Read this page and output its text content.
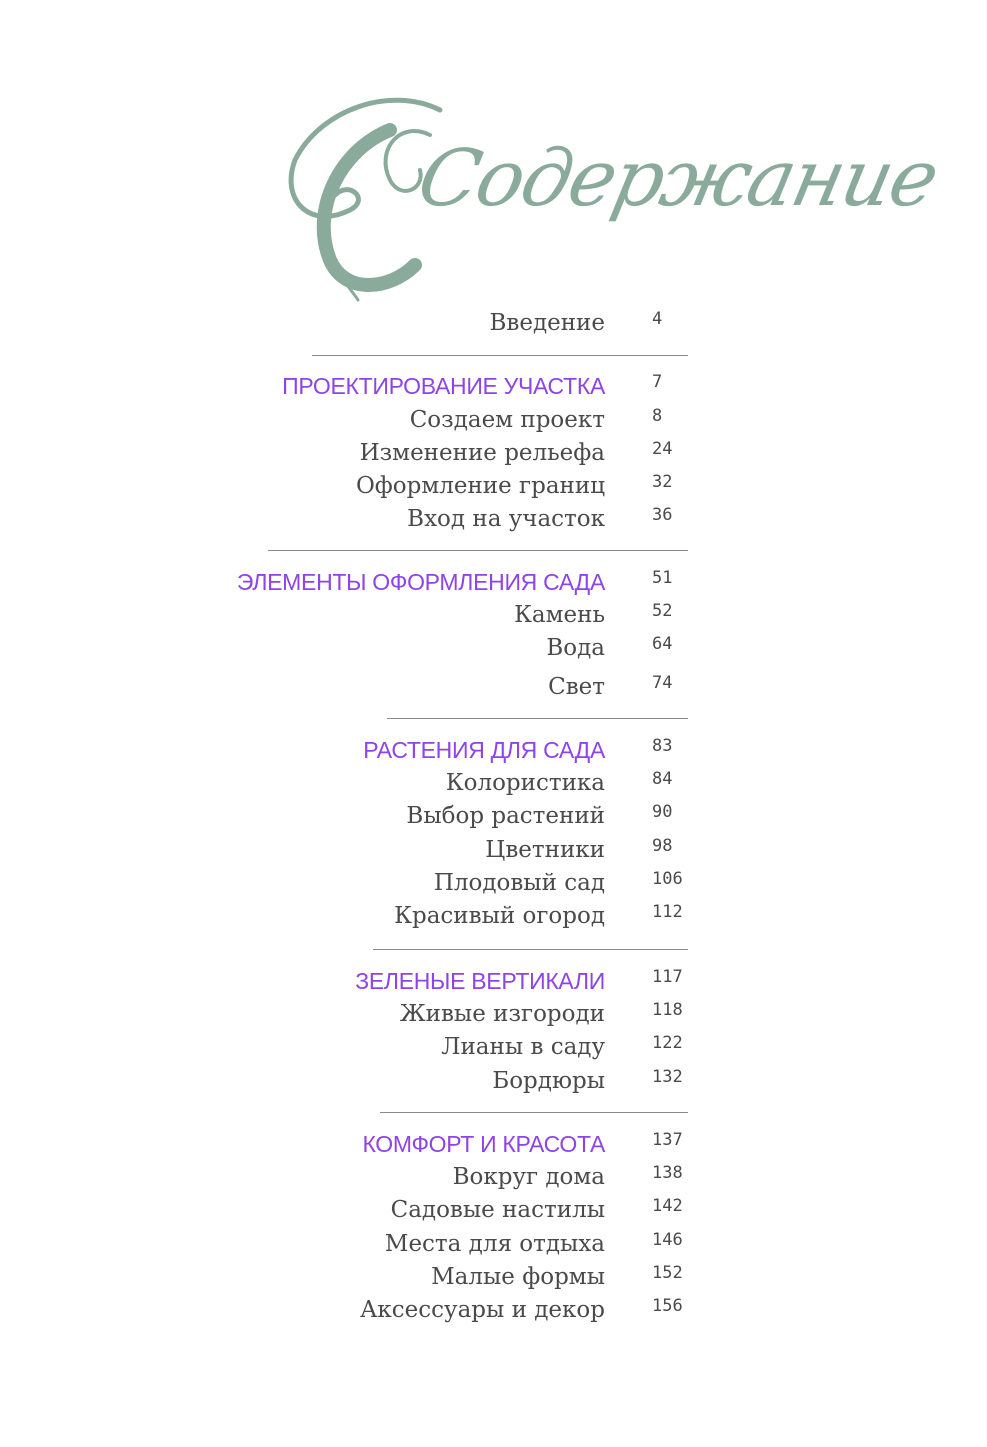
Содержание
Введение	4
ПРОЕКТИРОВАНИЕ УЧАСТКА	7
Создаем проект	8
Изменение рельефа	24
Оформление границ	32
Вход на участок	36
ЭЛЕМЕНТЫ ОФОРМЛЕНИЯ САДА	51
Камень	52
Вода	64
Свет	74
РАСТЕНИЯ ДЛЯ САДА	83
Колористика	84
Выбор растений	90
Цветники	98
Плодовый сад	106
Красивый огород	112
ЗЕЛЕНЫЕ ВЕРТИКАЛИ	117
Живые изгороди	118
Лианы в саду	122
Бордюры	132
КОМФОРТ И КРАСОТА	137
Вокруг дома	138
Садовые настилы	142
Места для отдыха	146
Малые формы	152
Аксессуары и декор	156
